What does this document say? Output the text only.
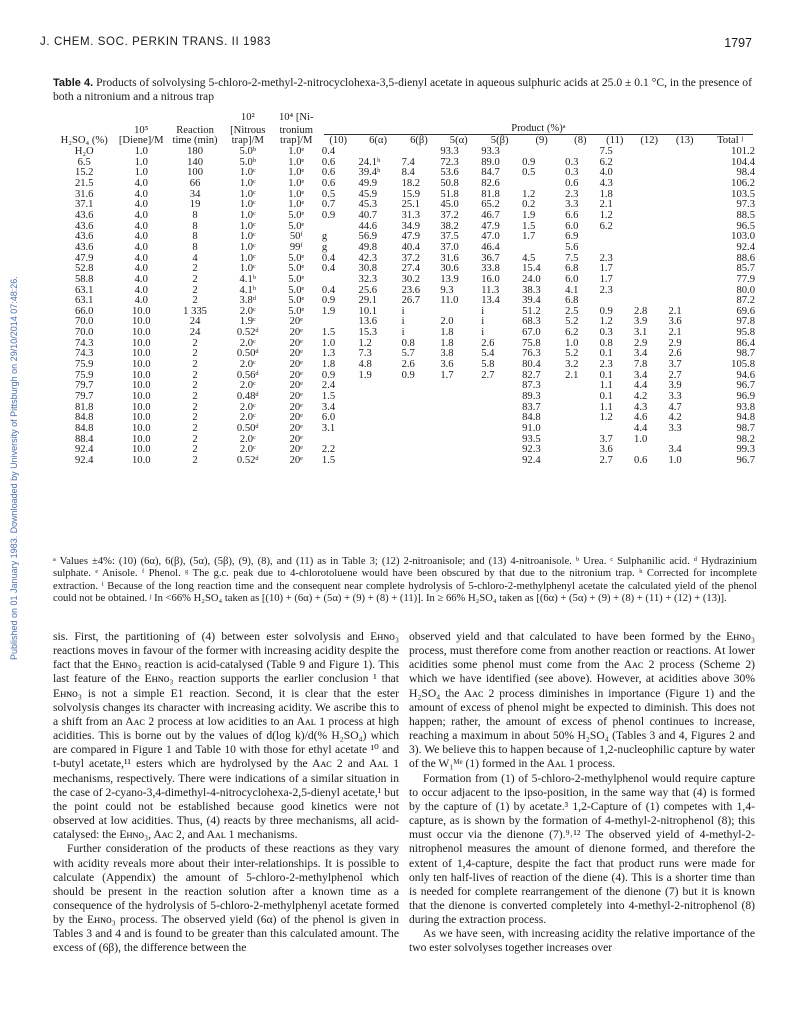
Published on 01 January 1983. Downloaded by University of Pittsburgh on 29/10/2014 07:48:26.
J. CHEM. SOC. PERKIN TRANS. II 1983	1797
Table 4. Products of solvolysing 5-chloro-2-methyl-2-nitrocyclohexa-3,5-dienyl acetate in aqueous sulphuric acids at 25.0 ± 0.1 °C, in the presence of both a nitronium and a nitrous trap
			10²	10⁴ [Ni-											
	10⁵	Reaction	[Nitrous	tronium	Product (%)ᵃ										

H₂SO₄ (%)	[Diene]/M	time (min)	trap]/M	trap]/M	(10)	6(α)	6(β)	5(α)	5(β)	(9)	(8)	(11)	(12)	(13)	Total ʲ
H₂O	1.0	180	5.0ᵇ	1.0ᵉ	0.4			93.3	93.3			7.5			101.2
6.5	1.0	140	5.0ᵇ	1.0ᵉ	0.6	24.1ʰ	7.4	72.3	89.0	0.9	0.3	6.2			104.4
15.2	1.0	100	1.0ᶜ	1.0ᵉ	0.6	39.4ʰ	8.4	53.6	84.7	0.5	0.3	4.0			98.4
21.5	4.0	66	1.0ᶜ	1.0ᵉ	0.6	49.9	18.2	50.8	82.6		0.6	4.3			106.2
31.6	4.0	34	1.0ᶜ	1.0ᵉ	0.5	45.9	15.9	51.8	81.8	1.2	2.3	1.8			103.5
37.1	4.0	19	1.0ᶜ	1.0ᵉ	0.7	45.3	25.1	45.0	65.2	0.2	3.3	2.1			97.3
43.6	4.0	8	1.0ᶜ	5.0ᵉ	0.9	40.7	31.3	37.2	46.7	1.9	6.6	1.2			88.5
43.6	4.0	8	1.0ᶜ	5.0ᵉ		44.6	34.9	38.2	47.9	1.5	6.0	6.2			96.5
43.6	4.0	8	1.0ᶜ	50ᶠ	g	56.9	47.9	37.5	47.0	1.7	6.9				103.0
43.6	4.0	8	1.0ᶜ	99ᶠ	g	49.8	40.4	37.0	46.4		5.6				92.4
47.9	4.0	4	1.0ᶜ	5.0ᵉ	0.4	42.3	37.2	31.6	36.7	4.5	7.5	2.3			88.6
52.8	4.0	2	1.0ᶜ	5.0ᵉ	0.4	30.8	27.4	30.6	33.8	15.4	6.8	1.7			85.7
58.8	4.0	2	4.1ᵇ	5.0ᵉ		32.3	30.2	13.9	16.0	24.0	6.0	1.7			77.9
63.1	4.0	2	4.1ᵇ	5.0ᵉ	0.4	25.6	23.6	9.3	11.3	38.3	4.1	2.3			80.0
63.1	4.0	2	3.8ᵈ	5.0ᵉ	0.9	29.1	26.7	11.0	13.4	39.4	6.8				87.2
66.0	10.0	1 335	2.0ᶜ	5.0ᵉ	1.9	10.1	i		i	51.2	2.5	0.9	2.8	2.1	69.6
70.0	10.0	24	1.9ᶜ	20ᵉ		13.6	i	2.0	i	68.3	5.2	1.2	3.9	3.6	97.8
70.0	10.0	24	0.52ᵈ	20ᵉ	1.5	15.3	i	1.8	i	67.0	6.2	0.3	3.1	2.1	95.8
74.3	10.0	2	2.0ᶜ	20ᵉ	1.0	1.2	0.8	1.8	2.6	75.8	1.0	0.8	2.9	2.9	86.4
74.3	10.0	2	0.50ᵈ	20ᵉ	1.3	7.3	5.7	3.8	5.4	76.3	5.2	0.1	3.4	2.6	98.7
75.9	10.0	2	2.0ᶜ	20ᵉ	1.8	4.8	2.6	3.6	5.8	80.4	3.2	2.3	7.8	3.7	105.8
75.9	10.0	2	0.56ᵈ	20ᵉ	0.9	1.9	0.9	1.7	2.7	82.7	2.1	0.1	3.4	2.7	94.6
79.7	10.0	2	2.0ᶜ	20ᵉ	2.4					87.3		1.1	4.4	3.9	96.7
79.7	10.0	2	0.48ᵈ	20ᵉ	1.5					89.3		0.1	4.2	3.3	96.9
81.8	10.0	2	2.0ᶜ	20ᵉ	3.4					83.7		1.1	4.3	4.7	93.8
84.8	10.0	2	2.0ᶜ	20ᵉ	6.0					84.8		1.2	4.6	4.2	94.8
84.8	10.0	2	0.50ᵈ	20ᵉ	3.1					91.0			4.4	3.3	98.7
88.4	10.0	2	2.0ᶜ	20ᵉ						93.5		3.7	1.0		98.2
92.4	10.0	2	2.0ᶜ	20ᵉ	2.2					92.3		3.6		3.4	99.3
92.4	10.0	2	0.52ᵈ	20ᵉ	1.5					92.4		2.7	0.6	1.0	96.7
ᵃ Values ±4%: (10) (6α), 6(β), (5α), (5β), (9), (8), and (11) as in Table 3; (12) 2-nitroanisole; and (13) 4-nitroanisole. ᵇ Urea. ᶜ Sulphanilic acid. ᵈ Hydrazinium sulphate. ᵉ Anisole. ᶠ Phenol. ᵍ The g.c. peak due to 4-chlorotoluene would have been obscured by that due to the nitronium trap. ʰ Corrected for incomplete extraction. ⁱ Because of the long reaction time and the consequent near complete hydrolysis of 5-chloro-2-methylphenyl acetate the calculated yield of the phenol could not be obtained. ʲ In <66% H₂SO₄ taken as [(10) + (6α) + (5α) + (9) + (8) + (11)]. In ≥ 66% H₂SO₄ taken as [(6α) + (5α) + (9) + (8) + (11) + (12) + (13)].

sis. First, the partitioning of (4) between ester solvolysis and Eʜɴᴏ₃ reactions moves in favour of the former with increasing acidity despite the fact that the Eʜɴᴏ₃ reaction is acid-catalysed (Table 9 and Figure 1). This last feature of the Eʜɴᴏ₃ reaction supports the earlier conclusion ¹ that Eʜɴᴏ₃ is not a simple E1 reaction. Second, it is clear that the ester solvolysis changes its character with increasing acidity. We ascribe this to a shift from an Aᴀᴄ 2 process at low acidities to an Aᴀʟ 1 process at high acidities. This is borne out by the values of d(log k)/d(% H₂SO₄) which are compared in Figure 1 and Table 10 with those for ethyl acetate ¹⁰ and t-butyl acetate,¹¹ esters which are hydrolysed by the Aᴀᴄ 2 and Aᴀʟ 1 mechanisms, respectively. There were indications of a similar situation in the case of 2-cyano-3,4-dimethyl-4-nitrocyclohexa-2,5-dienyl acetate,¹ but the point could not be established because good kinetics were not observed at low acidities. Thus, (4) reacts by three mechanisms, all acid-catalysed: the Eʜɴᴏ₃, Aᴀᴄ 2, and Aᴀʟ 1 mechanisms.

Further consideration of the products of these reactions as they vary with acidity reveals more about their inter-relationships. It is possible to calculate (Appendix) the amount of 5-chloro-2-methylphenol which should be present in the reaction solution after a known time as a consequence of the hydrolysis of 5-chloro-2-methylphenyl acetate formed by the Eʜɴᴏ₃ process. The observed yield (6α) of the phenol is given in Tables 3 and 4 and is found to be greater than this calculated amount. The excess of (6β), the difference between the

observed yield and that calculated to have been formed by the Eʜɴᴏ₃ process, must therefore come from another reaction or reactions. At lower acidities some phenol must come from the Aᴀᴄ 2 process (Scheme 2) which we have identified (see above). However, at acidities above 30% H₂SO₄ the Aᴀᴄ 2 process diminishes in importance (Figure 1) and the amount of excess of phenol might be expected to diminish. This does not happen; rather, the amount of excess of phenol continues to increase, reaching a maximum in about 50% H₂SO₄ (Tables 3 and 4, Figures 2 and 3). We believe this to happen because of 1,2-nucleophilic capture by water of the W₁ᴹᵉ (1) formed in the Aᴀʟ 1 process.

Formation from (1) of 5-chloro-2-methylphenol would require capture to occur adjacent to the ipso-position, in the same way that (4) is formed by the capture of (1) by acetate.³ 1,2-Capture of (1) competes with 1,4-capture, as is shown by the formation of 4-methyl-2-nitrophenol (8); this must occur via the dienone (7).⁹˒¹² The observed yield of 4-methyl-2-nitrophenol measures the amount of dienone formed, and therefore the extent of 1,4-capture, despite the fact that product runs were made for only ten half-lives of reaction of the diene (4). This is a shorter time than is needed for complete rearrangement of the dienone (7) but it is known that the dienone is converted completely into 4-methyl-2-nitrophenol (8) during the extraction process.

As we have seen, with increasing acidity the relative importance of the two ester solvolyses together increases over
